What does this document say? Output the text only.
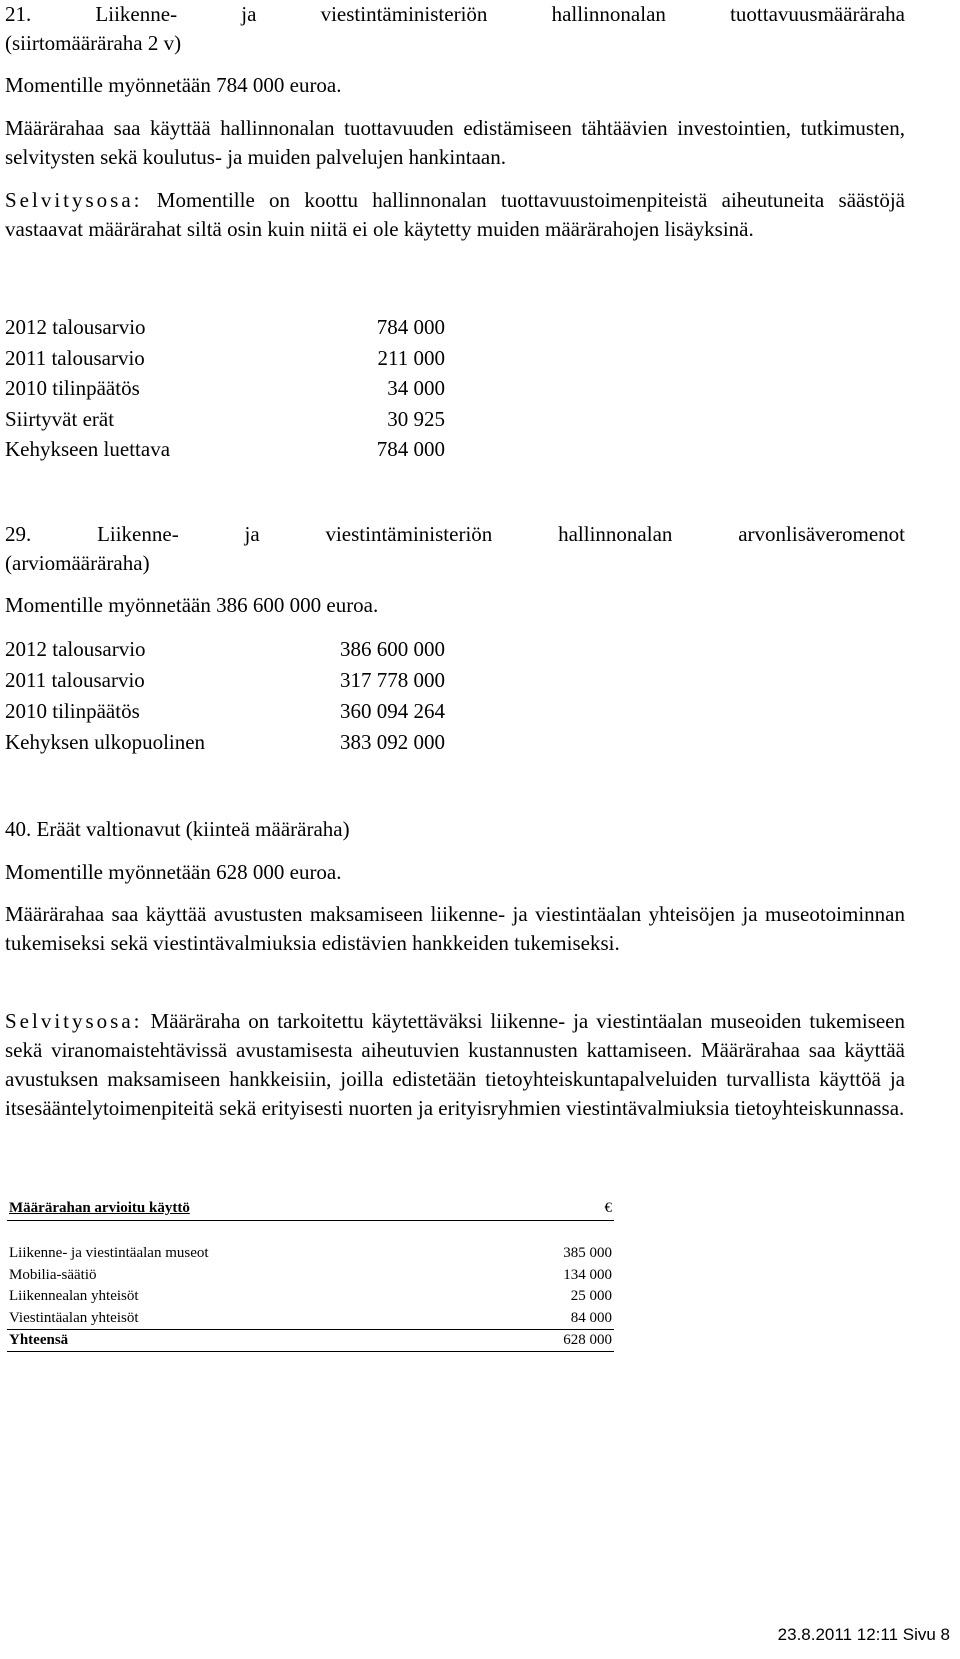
21. Liikenne- ja viestintäministeriön hallinnonalan tuottavuusmääräraha

(siirtomääräraha 2 v)

Momentille myönnetään 784 000 euroa.

Määrärahaa saa käyttää hallinnonalan tuottavuuden edistämiseen tähtäävien investointien, tutkimusten, selvitysten sekä koulutus- ja muiden palvelujen hankintaan.

Selvitysosa: Momentille on koottu hallinnonalan tuottavuustoimenpiteistä aiheutuneita säästöjä vastaavat määrärahat siltä osin kuin niitä ei ole käytetty muiden määrärahojen lisäyksinä.

2012 talousarvio	784 000
2011 talousarvio	211 000
2010 tilinpäätös	34 000
Siirtyvät erät	30 925
Kehykseen luettava	784 000

29. Liikenne- ja viestintäministeriön hallinnonalan arvonlisäveromenot

(arviomääräraha)

Momentille myönnetään 386 600 000 euroa.

2012 talousarvio	386 600 000
2011 talousarvio	317 778 000
2010 tilinpäätös	360 094 264
Kehyksen ulkopuolinen	383 092 000

40. Eräät valtionavut (kiinteä määräraha)

Momentille myönnetään 628 000 euroa.

Määrärahaa saa käyttää avustusten maksamiseen liikenne- ja viestintäalan yhteisöjen ja museotoiminnan tukemiseksi sekä viestintävalmiuksia edistävien hankkeiden tukemiseksi.

Selvitysosa: Määräraha on tarkoitettu käytettäväksi liikenne- ja viestintäalan museoiden tukemiseen sekä viranomaistehtävissä avustamisesta aiheutuvien kustannusten kattamiseen. Määrärahaa saa käyttää avustuksen maksamiseen hankkeisiin, joilla edistetään tietoyhteiskuntapalveluiden turvallista käyttöä ja itsesääntelytoimenpiteitä sekä erityisesti nuorten ja erityisryhmien viestintävalmiuksia tietoyhteiskunnassa.

Määrärahan arvioitu käyttö	€
Liikenne- ja viestintäalan museot	385 000
Mobilia-säätiö	134 000
Liikennealan yhteisöt	25 000
Viestintäalan yhteisöt	84 000
Yhteensä	628 000
23.8.2011 12:11 Sivu 8
